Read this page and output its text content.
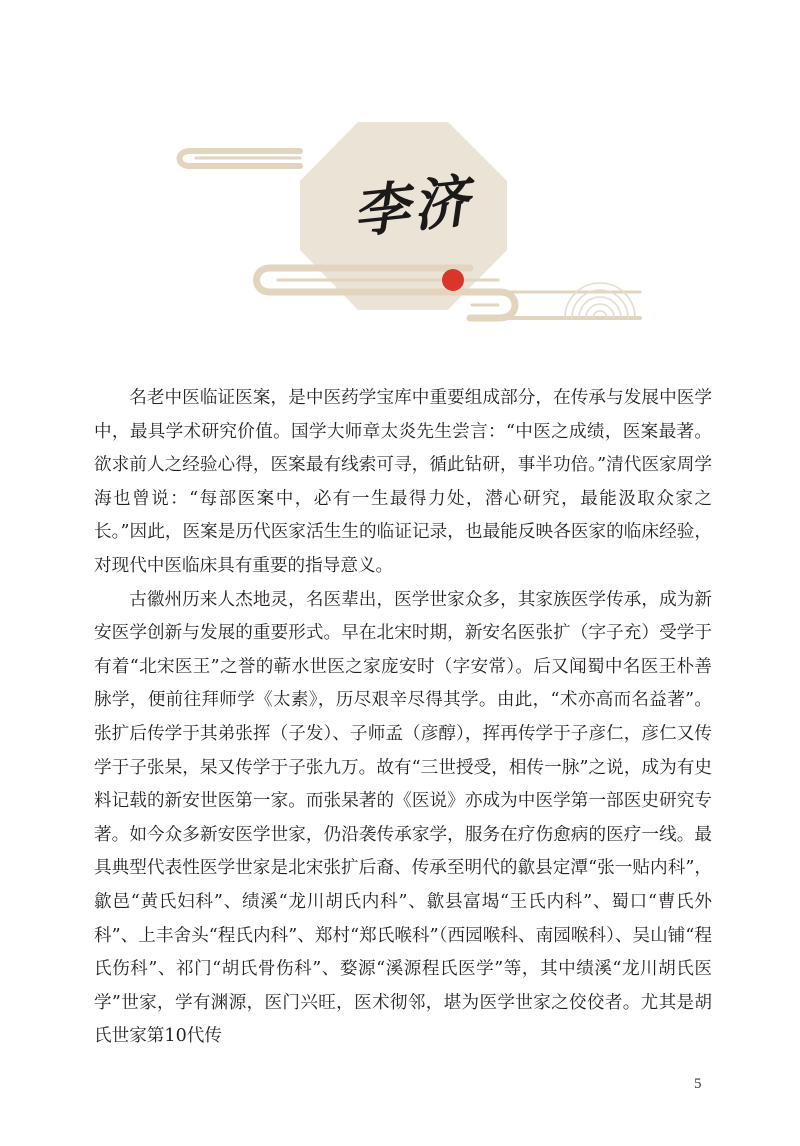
李济

名老中医临证医案，是中医药学宝库中重要组成部分，在传承与发展中医学中，最具学术研究价值。国学大师章太炎先生尝言：“中医之成绩，医案最著。欲求前人之经验心得，医案最有线索可寻，循此钻研，事半功倍。”清代医家周学海也曾说：“每部医案中，必有一生最得力处，潜心研究，最能汲取众家之长。”因此，医案是历代医家活生生的临证记录，也最能反映各医家的临床经验，对现代中医临床具有重要的指导意义。

古徽州历来人杰地灵，名医辈出，医学世家众多，其家族医学传承，成为新安医学创新与发展的重要形式。早在北宋时期，新安名医张扩（字子充）受学于有着“北宋医王”之誉的蕲水世医之家庞安时（字安常）。后又闻蜀中名医王朴善脉学，便前往拜师学《太素》，历尽艰辛尽得其学。由此，“术亦高而名益著”。张扩后传学于其弟张挥（子发）、子师孟（彦醇），挥再传学于子彦仁，彦仁又传学于子张杲，杲又传学于子张九万。故有“三世授受，相传一脉”之说，成为有史料记载的新安世医第一家。而张杲著的《医说》亦成为中医学第一部医史研究专著。如今众多新安医学世家，仍沿袭传承家学，服务在疗伤愈病的医疗一线。最具典型代表性医学世家是北宋张扩后裔、传承至明代的歙县定潭“张一贴内科”，歙邑“黄氏妇科”、绩溪“龙川胡氏内科”、歙县富堨“王氏内科”、蜀口“曹氏外科”、上丰舍头“程氏内科”、郑村“郑氏喉科”（西园喉科、南园喉科）、吴山铺“程氏伤科”、祁门“胡氏骨伤科”、婺源“溪源程氏医学”等，其中绩溪“龙川胡氏医学”世家，学有渊源，医门兴旺，医术彻邻，堪为医学世家之佼佼者。尤其是胡氏世家第10代传

5
